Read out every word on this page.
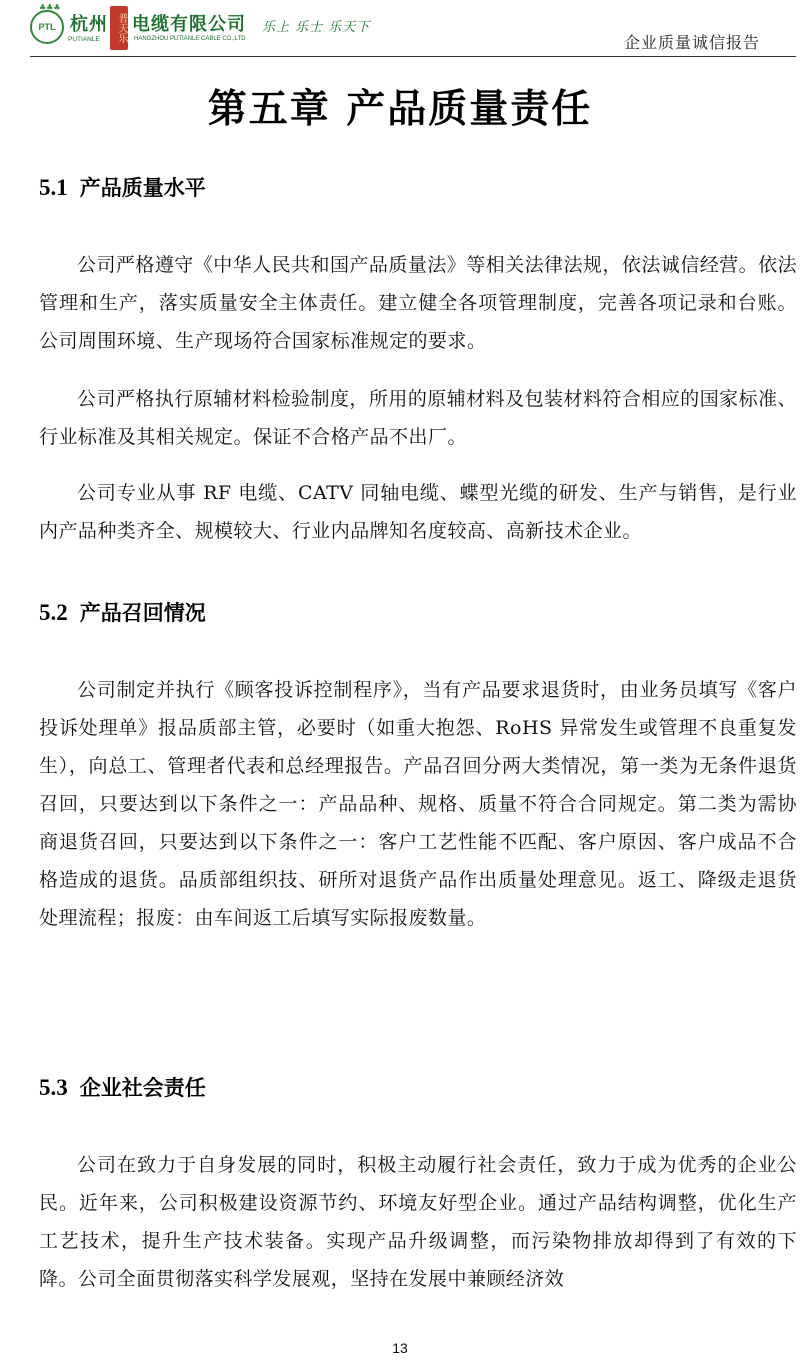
PTL
♣♣♣
杭州 普天乐 电缆有限公司
PUTIANLE	HANGZHOU PUTIANLE CABLE CO.,LTD
乐上 乐士 乐天下
企业质量诚信报告
第五章 产品质量责任
5.1 产品质量水平

公司严格遵守《中华人民共和国产品质量法》等相关法律法规，依法诚信经营。依法管理和生产，落实质量安全主体责任。建立健全各项管理制度，完善各项记录和台账。公司周围环境、生产现场符合国家标准规定的要求。

公司严格执行原辅材料检验制度，所用的原辅材料及包装材料符合相应的国家标准、行业标准及其相关规定。保证不合格产品不出厂。

公司专业从事 RF 电缆、CATV 同轴电缆、蝶型光缆的研发、生产与销售，是行业内产品种类齐全、规模较大、行业内品牌知名度较高、高新技术企业。

5.2 产品召回情况

公司制定并执行《顾客投诉控制程序》，当有产品要求退货时，由业务员填写《客户投诉处理单》报品质部主管，必要时（如重大抱怨、RoHS 异常发生或管理不良重复发生），向总工、管理者代表和总经理报告。产品召回分两大类情况，第一类为无条件退货召回，只要达到以下条件之一：产品品种、规格、质量不符合合同规定。第二类为需协商退货召回，只要达到以下条件之一：客户工艺性能不匹配、客户原因、客户成品不合格造成的退货。品质部组织技、研所对退货产品作出质量处理意见。返工、降级走退货处理流程；报废：由车间返工后填写实际报废数量。

5.3 企业社会责任

公司在致力于自身发展的同时，积极主动履行社会责任，致力于成为优秀的企业公民。近年来，公司积极建设资源节约、环境友好型企业。通过产品结构调整，优化生产工艺技术，提升生产技术装备。实现产品升级调整，而污染物排放却得到了有效的下降。公司全面贯彻落实科学发展观，坚持在发展中兼顾经济效

13
